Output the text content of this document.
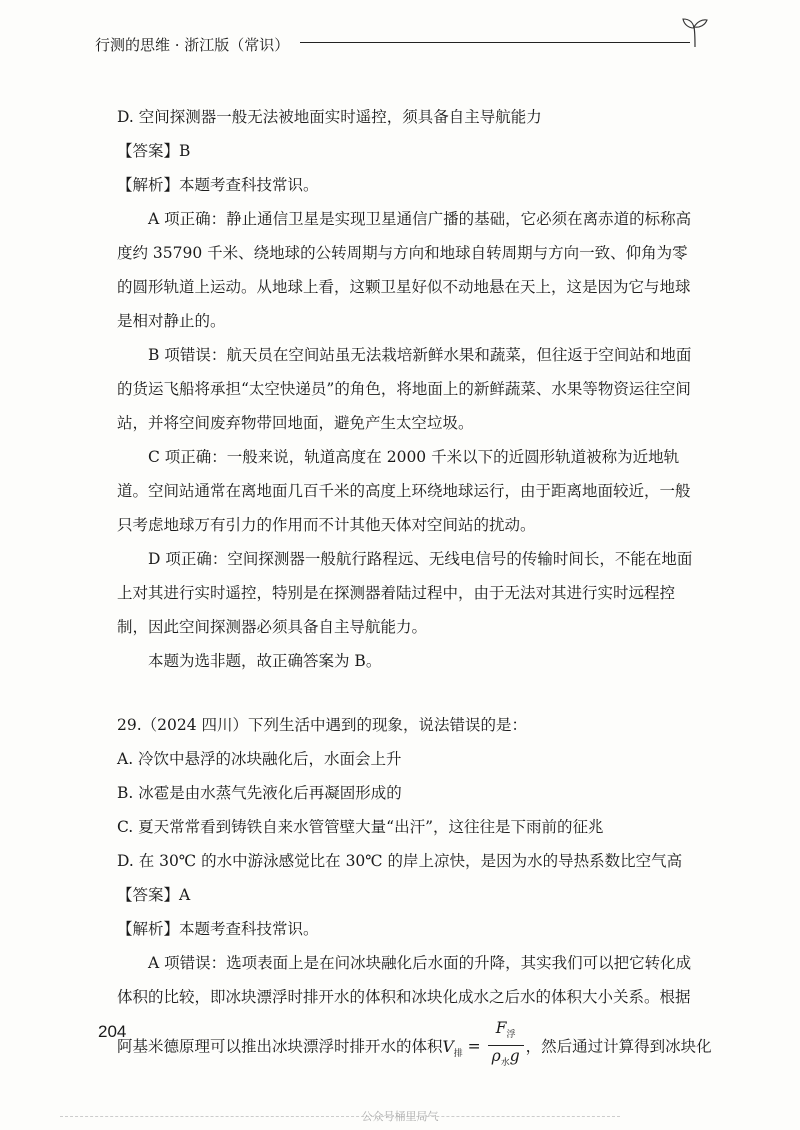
行测的思维 · 浙江版（常识）

D. 空间探测器一般无法被地面实时遥控，须具备自主导航能力

【答案】B

【解析】本题考查科技常识。

A 项正确：静止通信卫星是实现卫星通信广播的基础，它必须在离赤道的标称高度约 35790 千米、绕地球的公转周期与方向和地球自转周期与方向一致、仰角为零的圆形轨道上运动。从地球上看，这颗卫星好似不动地悬在天上，这是因为它与地球是相对静止的。

B 项错误：航天员在空间站虽无法栽培新鲜水果和蔬菜，但往返于空间站和地面的货运飞船将承担“太空快递员”的角色，将地面上的新鲜蔬菜、水果等物资运往空间站，并将空间废弃物带回地面，避免产生太空垃圾。

C 项正确：一般来说，轨道高度在 2000 千米以下的近圆形轨道被称为近地轨道。空间站通常在离地面几百千米的高度上环绕地球运行，由于距离地面较近，一般只考虑地球万有引力的作用而不计其他天体对空间站的扰动。

D 项正确：空间探测器一般航行路程远、无线电信号的传输时间长，不能在地面上对其进行实时遥控，特别是在探测器着陆过程中，由于无法对其进行实时远程控制，因此空间探测器必须具备自主导航能力。

本题为选非题，故正确答案为 B。

29.（2024 四川）下列生活中遇到的现象，说法错误的是：

A. 冷饮中悬浮的冰块融化后，水面会上升

B. 冰雹是由水蒸气先液化后再凝固形成的

C. 夏天常常看到铸铁自来水管管壁大量“出汗”，这往往是下雨前的征兆

D. 在 30℃ 的水中游泳感觉比在 30℃ 的岸上凉快，是因为水的导热系数比空气高

【答案】A

【解析】本题考查科技常识。

A 项错误：选项表面上是在问冰块融化后水面的升降，其实我们可以把它转化成体积的比较，即冰块漂浮时排开水的体积和冰块化成水之后水的体积大小关系。根据

阿基米德原理可以推出冰块漂浮时排开水的体积$V_排 = \frac{F_浮}{\rho_水g}$ ，然后通过计算得到冰块化

204
公众号桶里局气
